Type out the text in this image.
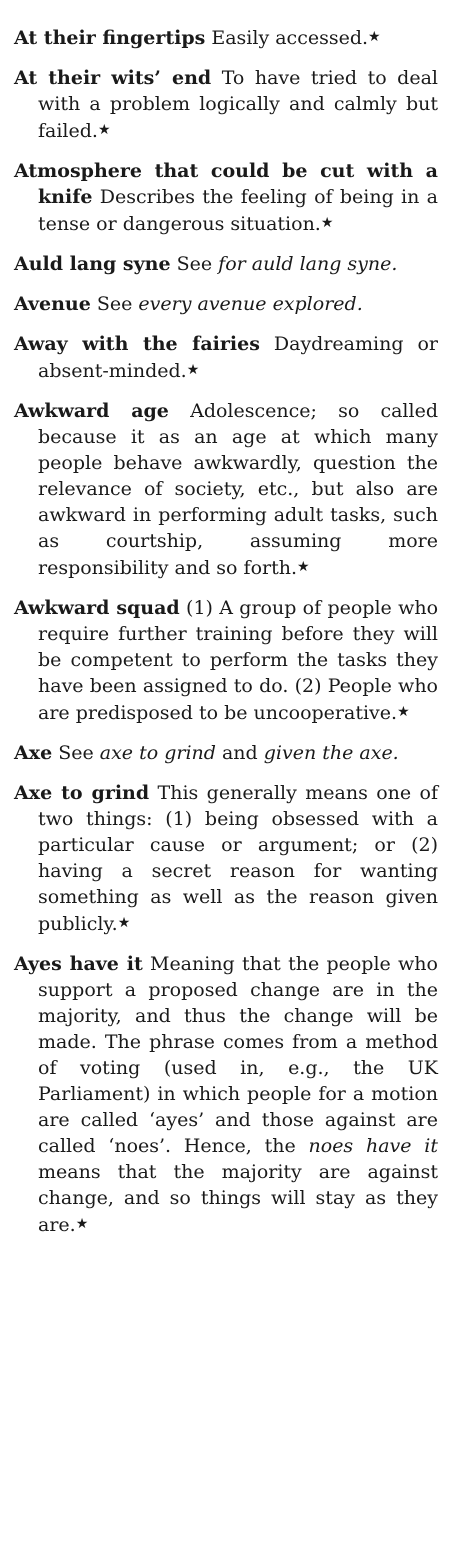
At their fingertips Easily accessed.★

At their wits’ end To have tried to deal with a problem logically and calmly but failed.★

Atmosphere that could be cut with a knife Describes the feeling of being in a tense or dangerous situation.★

Auld lang syne See for auld lang syne.

Avenue See every avenue explored.

Away with the fairies Daydreaming or absent-minded.★

Awkward age Adolescence; so called because it as an age at which many people behave awkwardly, question the relevance of society, etc., but also are awkward in performing adult tasks, such as courtship, assuming more responsibility and so forth.★

Awkward squad (1) A group of people who require further training before they will be competent to perform the tasks they have been assigned to do. (2) People who are predisposed to be uncooperative.★

Axe See axe to grind and given the axe.

Axe to grind This generally means one of two things: (1) being obsessed with a particular cause or argument; or (2) having a secret reason for wanting something as well as the reason given publicly.★

Ayes have it Meaning that the people who support a proposed change are in the majority, and thus the change will be made. The phrase comes from a method of voting (used in, e.g., the UK Parliament) in which people for a motion are called ‘ayes’ and those against are called ‘noes’. Hence, the noes have it means that the majority are against change, and so things will stay as they are.★
